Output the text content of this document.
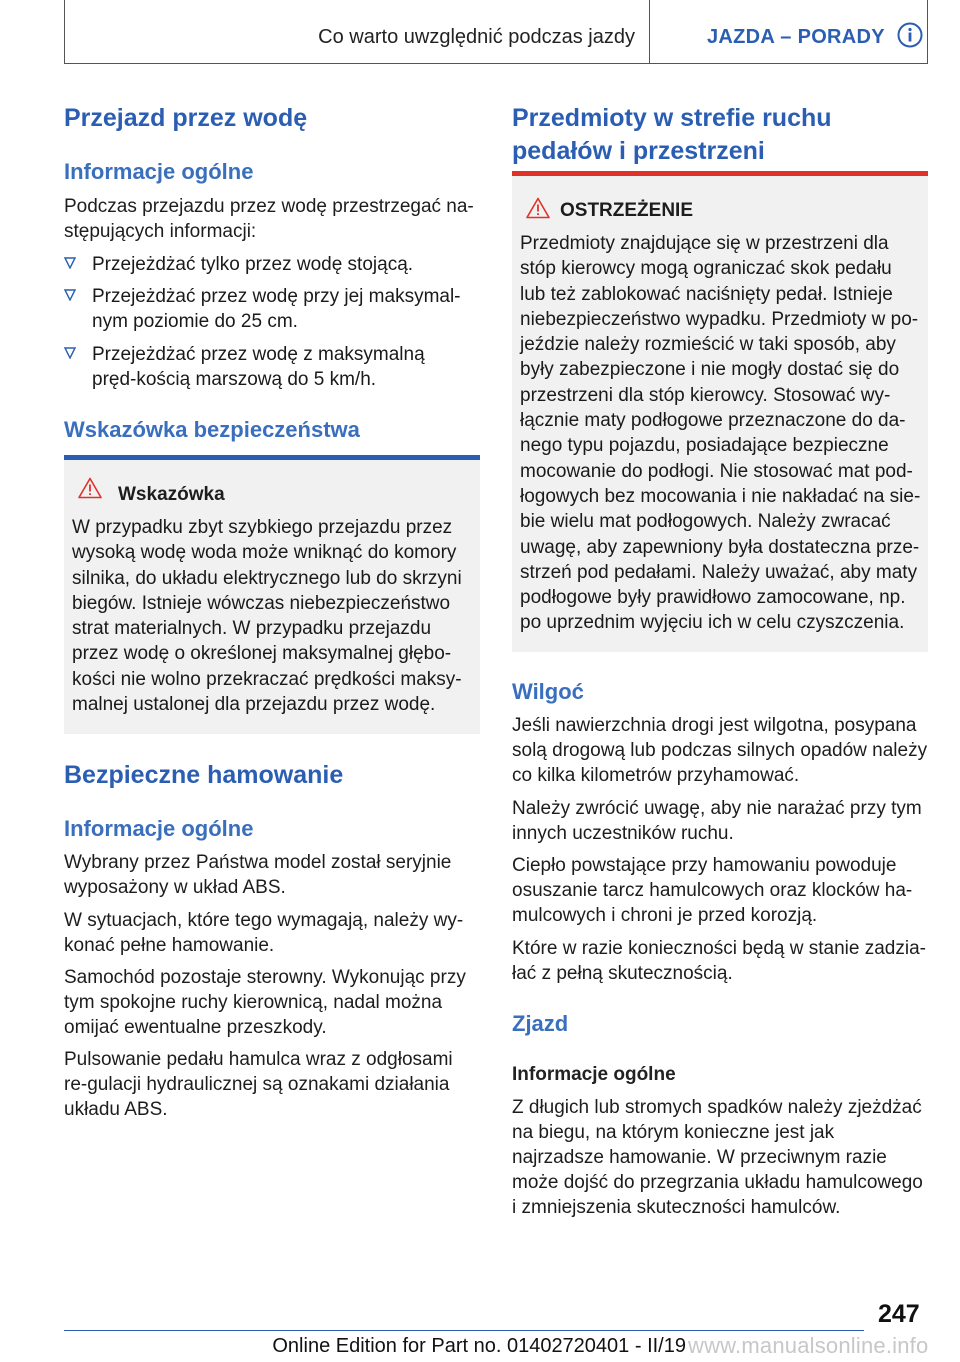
Co warto uwzględnić podczas jazdy	JAZDA – PORADY
Przejazd przez wodę
Informacje ogólne

Podczas przejazdu przez wodę przestrzegać na-stępujących informacji:

Przejeżdżać tylko przez wodę stojącą.
Przejeżdżać przez wodę przy jej maksymal-nym poziomie do 25 cm.
Przejeżdżać przez wodę z maksymalną pręd-kością marszową do 5 km/h.
Wskazówka bezpieczeństwa
Wskazówka
W przypadku zbyt szybkiego przejazdu przez wysoką wodę woda może wniknąć do komory silnika, do układu elektrycznego lub do skrzyni biegów. Istnieje wówczas niebezpieczeństwo strat materialnych. W przypadku przejazdu przez wodę o określonej maksymalnej głębo-kości nie wolno przekraczać prędkości maksy-malnej ustalonej dla przejazdu przez wodę.
Bezpieczne hamowanie
Informacje ogólne

Wybrany przez Państwa model został seryjnie wyposażony w układ ABS.

W sytuacjach, które tego wymagają, należy wy-konać pełne hamowanie.

Samochód pozostaje sterowny. Wykonując przy tym spokojne ruchy kierownicą, nadal można omijać ewentualne przeszkody.

Pulsowanie pedału hamulca wraz z odgłosami re-gulacji hydraulicznej są oznakami działania układu ABS.

Przedmioty w strefie ruchu pedałów i przestrzeni
OSTRZEŻENIE
Przedmioty znajdujące się w przestrzeni dla stóp kierowcy mogą ograniczać skok pedału lub też zablokować naciśnięty pedał. Istnieje niebezpieczeństwo wypadku. Przedmioty w po-jeździe należy rozmieścić w taki sposób, aby były zabezpieczone i nie mogły dostać się do przestrzeni dla stóp kierowcy. Stosować wy-łącznie maty podłogowe przeznaczone do da-nego typu pojazdu, posiadające bezpieczne mocowanie do podłogi. Nie stosować mat pod-łogowych bez mocowania i nie nakładać na sie-bie wielu mat podłogowych. Należy zwracać uwagę, aby zapewniony była dostateczna prze-strzeń pod pedałami. Należy uważać, aby maty podłogowe były prawidłowo zamocowane, np. po uprzednim wyjęciu ich w celu czyszczenia.
Wilgoć

Jeśli nawierzchnia drogi jest wilgotna, posypana solą drogową lub podczas silnych opadów należy co kilka kilometrów przyhamować.

Należy zwrócić uwagę, aby nie narażać przy tym innych uczestników ruchu.

Ciepło powstające przy hamowaniu powoduje osuszanie tarcz hamulcowych oraz klocków ha-mulcowych i chroni je przed korozją.

Które w razie konieczności będą w stanie zadzia-łać z pełną skutecznością.

Zjazd
Informacje ogólne

Z długich lub stromych spadków należy zjeżdżać na biegu, na którym konieczne jest jak najrzadsze hamowanie. W przeciwnym razie może dojść do przegrzania układu hamulcowego i zmniejszenia skuteczności hamulców.

247
Online Edition for Part no. 01402720401 - II/19 www.manualsonline.info
